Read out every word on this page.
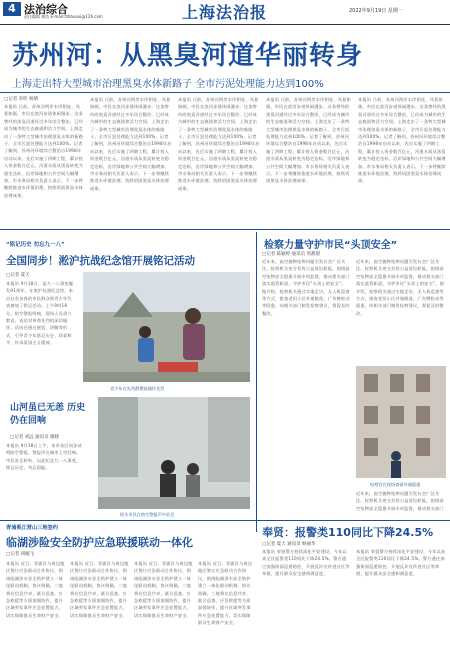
4 法治综合
责任编辑 黄浩 E-mail:fzbhuoxi@126.com	上海法治报	2022年9月19日 星期一
苏州河：从黑臭河道华丽转身
上海走出特大型城市治理黑臭水体新路子 全市污泥处理能力达到100%
□记者 章昕 杨婧
本报讯 日前，苏州河两岸水岸相连、风景如画，市民在滨河步道休闲漫步。这条曾经的黑臭河道经过多年综合整治，已经成为城市的生态廊道和活力空间。上海走出了一条特大型城市治理黑臭水体的新路子，全市污泥处理能力达到100%。记者了解到，苏州河环境综合整治自1998年启动以来，先后实施了四期工程，累计投入资金数百亿元，河道水质从黑臭转变为稳定达标，沿岸绿地和公共空间大幅增加。市水务局相关负责人表示，下一步将继续推进水环境治理，持续巩固黑臭水体治理成果。
本报讯 日前，苏州河两岸水岸相连、风景如画，市民在滨河步道休闲漫步。这条曾经的黑臭河道经过多年综合整治，已经成为城市的生态廊道和活力空间。上海走出了一条特大型城市治理黑臭水体的新路子，全市污泥处理能力达到100%。记者了解到，苏州河环境综合整治自1998年启动以来，先后实施了四期工程，累计投入资金数百亿元，河道水质从黑臭转变为稳定达标，沿岸绿地和公共空间大幅增加。市水务局相关负责人表示，下一步将继续推进水环境治理，持续巩固黑臭水体治理成果。
本报讯 日前，苏州河两岸水岸相连、风景如画，市民在滨河步道休闲漫步。这条曾经的黑臭河道经过多年综合整治，已经成为城市的生态廊道和活力空间。上海走出了一条特大型城市治理黑臭水体的新路子，全市污泥处理能力达到100%。记者了解到，苏州河环境综合整治自1998年启动以来，先后实施了四期工程，累计投入资金数百亿元，河道水质从黑臭转变为稳定达标，沿岸绿地和公共空间大幅增加。市水务局相关负责人表示，下一步将继续推进水环境治理，持续巩固黑臭水体治理成果。
本报讯 日前，苏州河两岸水岸相连、风景如画，市民在滨河步道休闲漫步。这条曾经的黑臭河道经过多年综合整治，已经成为城市的生态廊道和活力空间。上海走出了一条特大型城市治理黑臭水体的新路子，全市污泥处理能力达到100%。记者了解到，苏州河环境综合整治自1998年启动以来，先后实施了四期工程，累计投入资金数百亿元，河道水质从黑臭转变为稳定达标，沿岸绿地和公共空间大幅增加。市水务局相关负责人表示，下一步将继续推进水环境治理，持续巩固黑臭水体治理成果。
本报讯 日前，苏州河两岸水岸相连、风景如画，市民在滨河步道休闲漫步。这条曾经的黑臭河道经过多年综合整治，已经成为城市的生态廊道和活力空间。上海走出了一条特大型城市治理黑臭水体的新路子，全市污泥处理能力达到100%。记者了解到，苏州河环境综合整治自1998年启动以来，先后实施了四期工程，累计投入资金数百亿元，河道水质从黑臭转变为稳定达标，沿岸绿地和公共空间大幅增加。市水务局相关负责人表示，下一步将继续推进水环境治理，持续巩固黑臭水体治理成果。
“铭记历史 勿忘九一八”
全国同步！淞沪抗战纪念馆开展铭记活动
□记者 夏天
本报讯 9月18日，是九一八事变爆发91周年。在淞沪抗战纪念馆，来自社会各界的市民群众和青少年代表参加了铭记活动。上午9时18分，防空警报鸣响，现场人员肃立默哀，表达对革命先烈的深切缅怀。活动还通过展览、讲解等形式，引导青少年铭记历史、珍爱和平，传承爱国主义精神。
青少年在先烈群塑前缅怀先烈
山河虽已无恙 历史仍在回响
□记者 刘远 通讯员 谢晓
本报讯 9月18日上午，本市各区同步试鸣防空警报，警报声在城市上空回响。市民驻足聆听，以此纪念九一八事变，铭记历史，勿忘国耻。
街头市民在防空警报声中驻足
检察力量守护市民“头顶安全”
□记者 陈颖婷 通讯员 周甜甜
近年来，高空抛物坠物问题引发社会广泛关注。检察机关充分发挥公益诉讼职能，围绕高空坠物安全隐患开展专项监督，推动相关部门落实监管职责，守护市民“头顶上的安全”。据介绍，检察机关通过实地走访、无人机巡查等方式，排查老旧小区外墙脱落、广告牌松动等隐患，向相关部门制发检察建议，督促及时整改。
近年来，高空抛物坠物问题引发社会广泛关注。检察机关充分发挥公益诉讼职能，围绕高空坠物安全隐患开展专项监督，推动相关部门落实监管职责，守护市民“头顶上的安全”。据介绍，检察机关通过实地走访、无人机巡查等方式，排查老旧小区外墙脱落、广告牌松动等隐患，向相关部门制发检察建议，督促及时整改。
检察官在现场查看外墙隐患
近年来，高空抛物坠物问题引发社会广泛关注。检察机关充分发挥公益诉讼职能，围绕高空坠物安全隐患开展专项监督，推动相关部门
青浦奚江营山三地签约
临湖涉险安全防护应急联援联动一体化
□记者 胡婉飞
本报讯 近日，青浦区与周边地区签订应急联动合作协议，围绕临湖涉水安全防护建立一体化联动机制。协议明确，三地将在信息共享、联合巡查、应急救援等方面加强协作，提升区域突发事件应急处置能力，切实保障群众生命财产安全。
本报讯 近日，青浦区与周边地区签订应急联动合作协议，围绕临湖涉水安全防护建立一体化联动机制。协议明确，三地将在信息共享、联合巡查、应急救援等方面加强协作，提升区域突发事件应急处置能力，切实保障群众生命财产安全。
本报讯 近日，青浦区与周边地区签订应急联动合作协议，围绕临湖涉水安全防护建立一体化联动机制。协议明确，三地将在信息共享、联合巡查、应急救援等方面加强协作，提升区域突发事件应急处置能力，切实保障群众生命财产安全。
本报讯 近日，青浦区与周边地区签订应急联动合作协议，围绕临湖涉水安全防护建立一体化联动机制。协议明确，三地将在信息共享、联合巡查、应急救援等方面加强协作，提升区域突发事件应急处置能力，切实保障群众生命财产安全。
奉贤：报警类110同比下降24.5%
□记者 夏天 通讯员 顾丽华
本报讯 奉贤警方持续深化平安建设，今年以来全区报警类110同比下降24.5%。警方通过加强街面巡逻防控、开展反诈宣传进社区等举措，提升群众安全感和满意度。
本报讯 奉贤警方持续深化平安建设，今年以来全区报警类110同比下降24.5%。警方通过加强街面巡逻防控、开展反诈宣传进社区等举措，提升群众安全感和满意度。
